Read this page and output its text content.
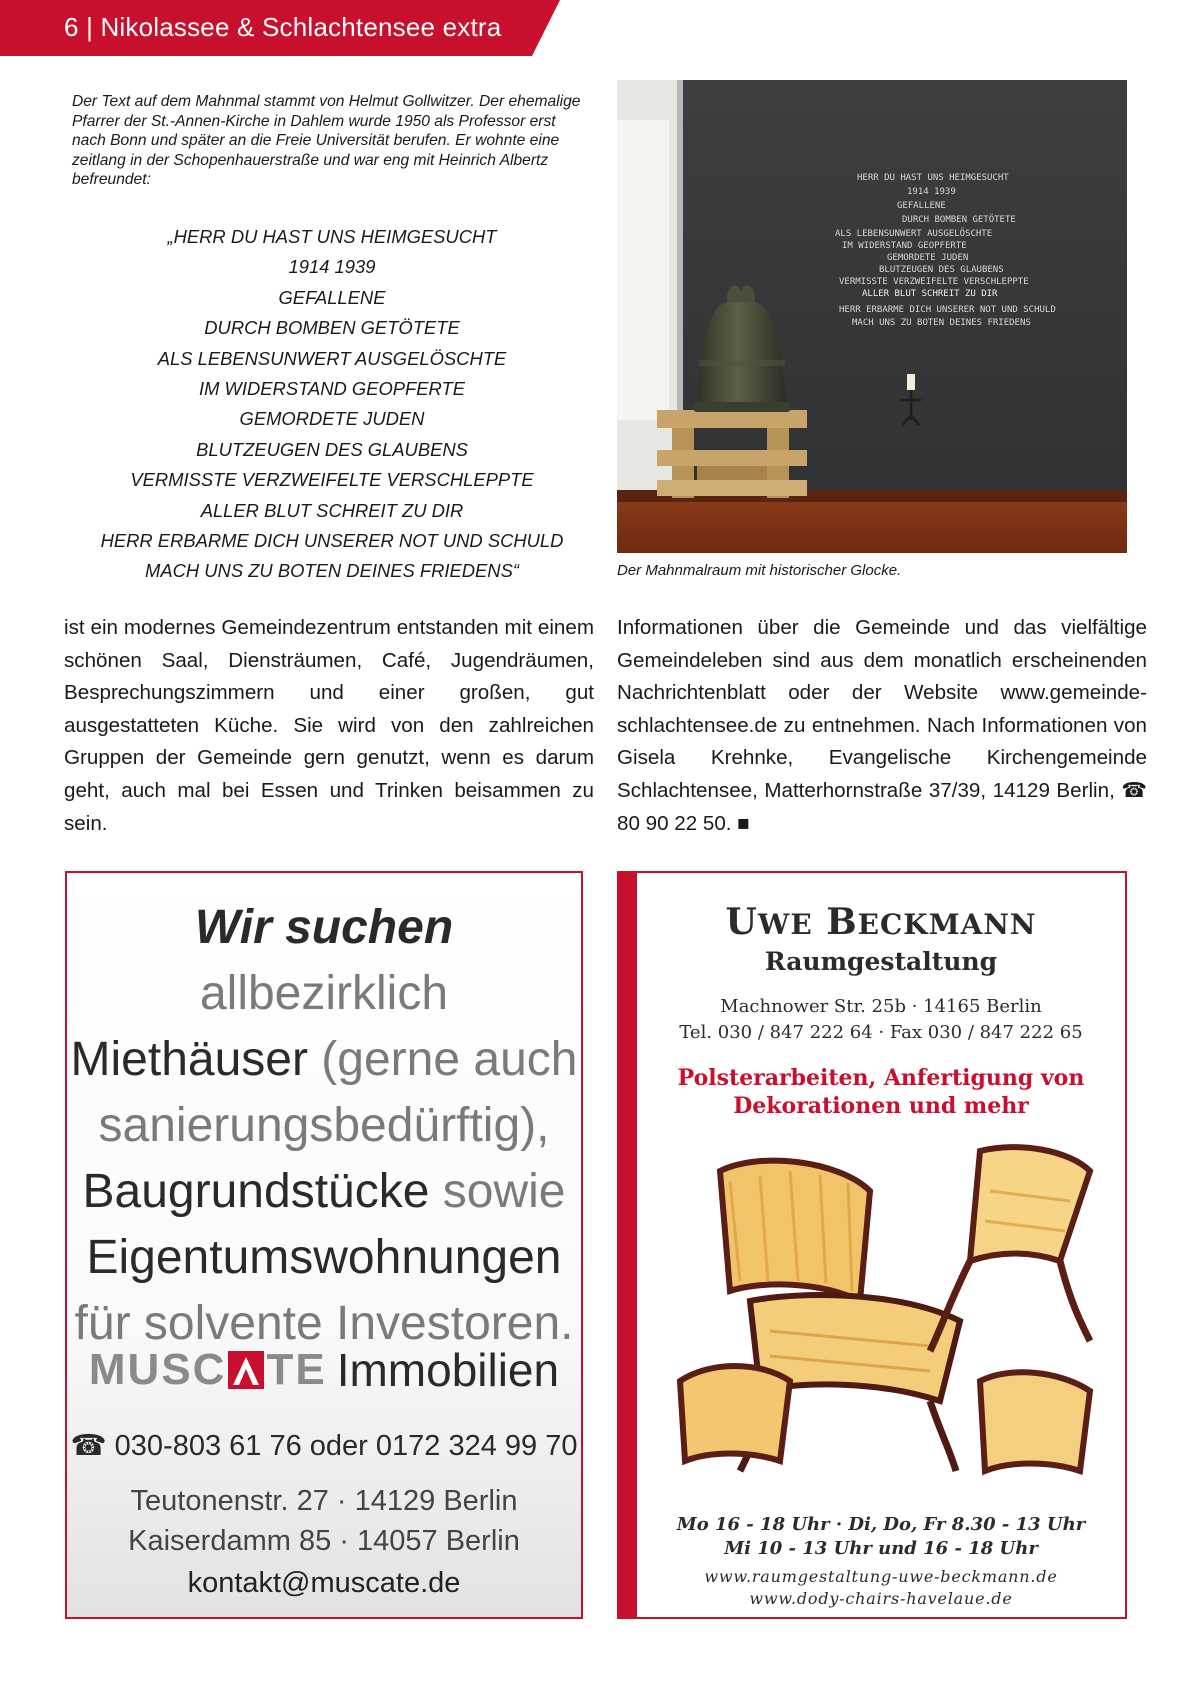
6 | Nikolassee & Schlachtensee extra

Der Text auf dem Mahnmal stammt von Helmut Gollwitzer. Der ehemalige Pfarrer der St.-Annen-Kirche in Dahlem wurde 1950 als Professor erst nach Bonn und später an die Freie Universität berufen. Er wohnte eine zeitlang in der Schopenhauerstraße und war eng mit Heinrich Albertz befreundet:

„HERR DU HAST UNS HEIMGESUCHT
1914 1939
GEFALLENE
DURCH BOMBEN GETÖTETE
ALS LEBENSUNWERT AUSGELÖSCHTE
IM WIDERSTAND GEOPFERTE
GEMORDETE JUDEN
BLUTZEUGEN DES GLAUBENS
VERMISSTE VERZWEIFELTE VERSCHLEPPTE
ALLER BLUT SCHREIT ZU DIR
HERR ERBARME DICH UNSERER NOT UND SCHULD
MACH UNS ZU BOTEN DEINES FRIEDENS“
HERR DU HAST UNS HEIMGESUCHT
1914 1939
GEFALLENE
DURCH BOMBEN GETÖTETE
ALS LEBENSUNWERT AUSGELÖSCHTE
IM WIDERSTAND GEOPFERTE
GEMORDETE JUDEN
BLUTZEUGEN DES GLAUBENS
VERMISSTE VERZWEIFELTE VERSCHLEPPTE
ALLER BLUT SCHREIT ZU DIR
HERR ERBARME DICH UNSERER NOT UND SCHULD
MACH UNS ZU BOTEN DEINES FRIEDENS
Der Mahnmalraum mit historischer Glocke.

ist ein modernes Gemeindezentrum entstanden mit einem schönen Saal, Diensträumen, Café, Jugendräumen, Besprechungszimmern und einer großen, gut ausgestatteten Küche. Sie wird von den zahlreichen Gruppen der Gemeinde gern genutzt, wenn es darum geht, auch mal bei Essen und Trinken beisammen zu sein.

Informationen über die Gemeinde und das vielfältige Gemeindeleben sind aus dem monatlich erscheinenden Nachrichtenblatt oder der Website www.gemeinde-schlachtensee.de zu entnehmen. Nach Informationen von Gisela Krehnke, Evangelische Kirchengemeinde Schlachtensee, Matterhornstraße 37/39, 14129 Berlin, ☎ 80 90 22 50. ■

Wir suchen allbezirklich
Miethäuser (gerne auch
sanierungsbedürftig),
Baugrundstücke sowie
Eigentumswohnungen
für solvente Investoren.
MUSC TE Immobilien
☎ 030-803 61 76 oder 0172 324 99 70
Teutonenstr. 27 · 14129 Berlin
Kaiserdamm 85 · 14057 Berlin
kontakt@muscate.de
UWE BECKMANN
Raumgestaltung
Machnower Str. 25b · 14165 Berlin
Tel. 030 / 847 222 64 · Fax 030 / 847 222 65
Polsterarbeiten, Anfertigung von
Dekorationen und mehr
Mo 16 - 18 Uhr · Di, Do, Fr 8.30 - 13 Uhr
Mi 10 - 13 Uhr und 16 - 18 Uhr
www.raumgestaltung-uwe-beckmann.de
www.dody-chairs-havelaue.de
